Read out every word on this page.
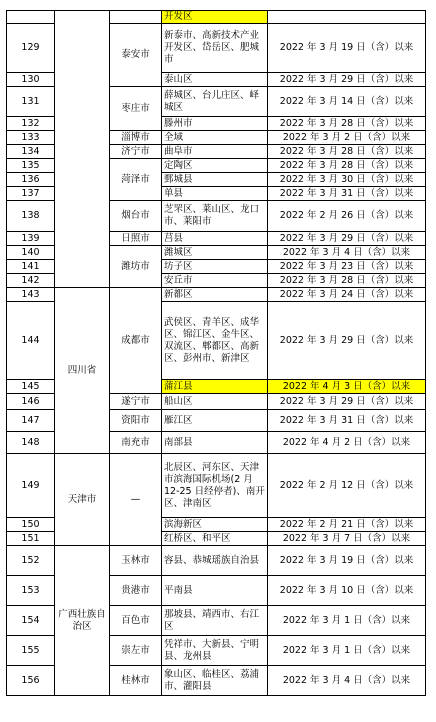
			开发区	
129		泰安市	新泰市、高新技术产业开发区、岱岳区、肥城市	2022 年 3 月 19 日（含）以来
130			泰山区	2022 年 3 月 29 日（含）以来
131		枣庄市	薛城区、台儿庄区、峄城区	2022 年 3 月 14 日（含）以来
132			滕州市	2022 年 3 月 28 日（含）以来
133		淄博市	全域	2022 年 3 月 2 日（含）以来
134		济宁市	曲阜市	2022 年 3 月 28 日（含）以来
135		菏泽市	定陶区	2022 年 3 月 28 日（含）以来
136			鄄城县	2022 年 3 月 30 日（含）以来
137			单县	2022 年 3 月 31 日（含）以来
138		烟台市	芝罘区、莱山区、龙口市、莱阳市	2022 年 2 月 26 日（含）以来
139		日照市	莒县	2022 年 3 月 29 日（含）以来
140		潍坊市	潍城区	2022 年 3 月 4 日（含）以来
141			坊子区	2022 年 3 月 23 日（含）以来
142			安丘市	2022 年 3 月 28 日（含）以来
143	四川省	成都市	新都区	2022 年 3 月 24 日（含）以来
144			武侯区、青羊区、成华区、锦江区、金牛区、双流区、郫都区、高新区、彭州市、新津区	2022 年 3 月 29 日（含）以来
145			蒲江县	2022 年 4 月 3 日（含）以来
146		遂宁市	船山区	2022 年 3 月 29 日（含）以来
147		资阳市	雁江区	2022 年 3 月 31 日（含）以来
148		南充市	南部县	2022 年 4 月 2 日（含）以来
149	天津市	—	北辰区、河东区、天津市滨海国际机场(2 月 12-25 日经停者)、南开区、津南区	2022 年 2 月 12 日（含）以来
150			滨海新区	2022 年 2 月 21 日（含）以来
151			红桥区、和平区	2022 年 3 月 7 日（含）以来
152	广西壮族自治区	玉林市	容县、恭城瑶族自治县	2022 年 3 月 19 日（含）以来
153		贵港市	平南县	2022 年 3 月 10 日（含）以来
154		百色市	那坡县、靖西市、右江区	2022 年 3 月 1 日（含）以来
155		崇左市	凭祥市、大新县、宁明县、龙州县	2022 年 3 月 1 日（含）以来
156		桂林市	象山区、临桂区、荔浦市、灌阳县	2022 年 3 月 4 日（含）以来
